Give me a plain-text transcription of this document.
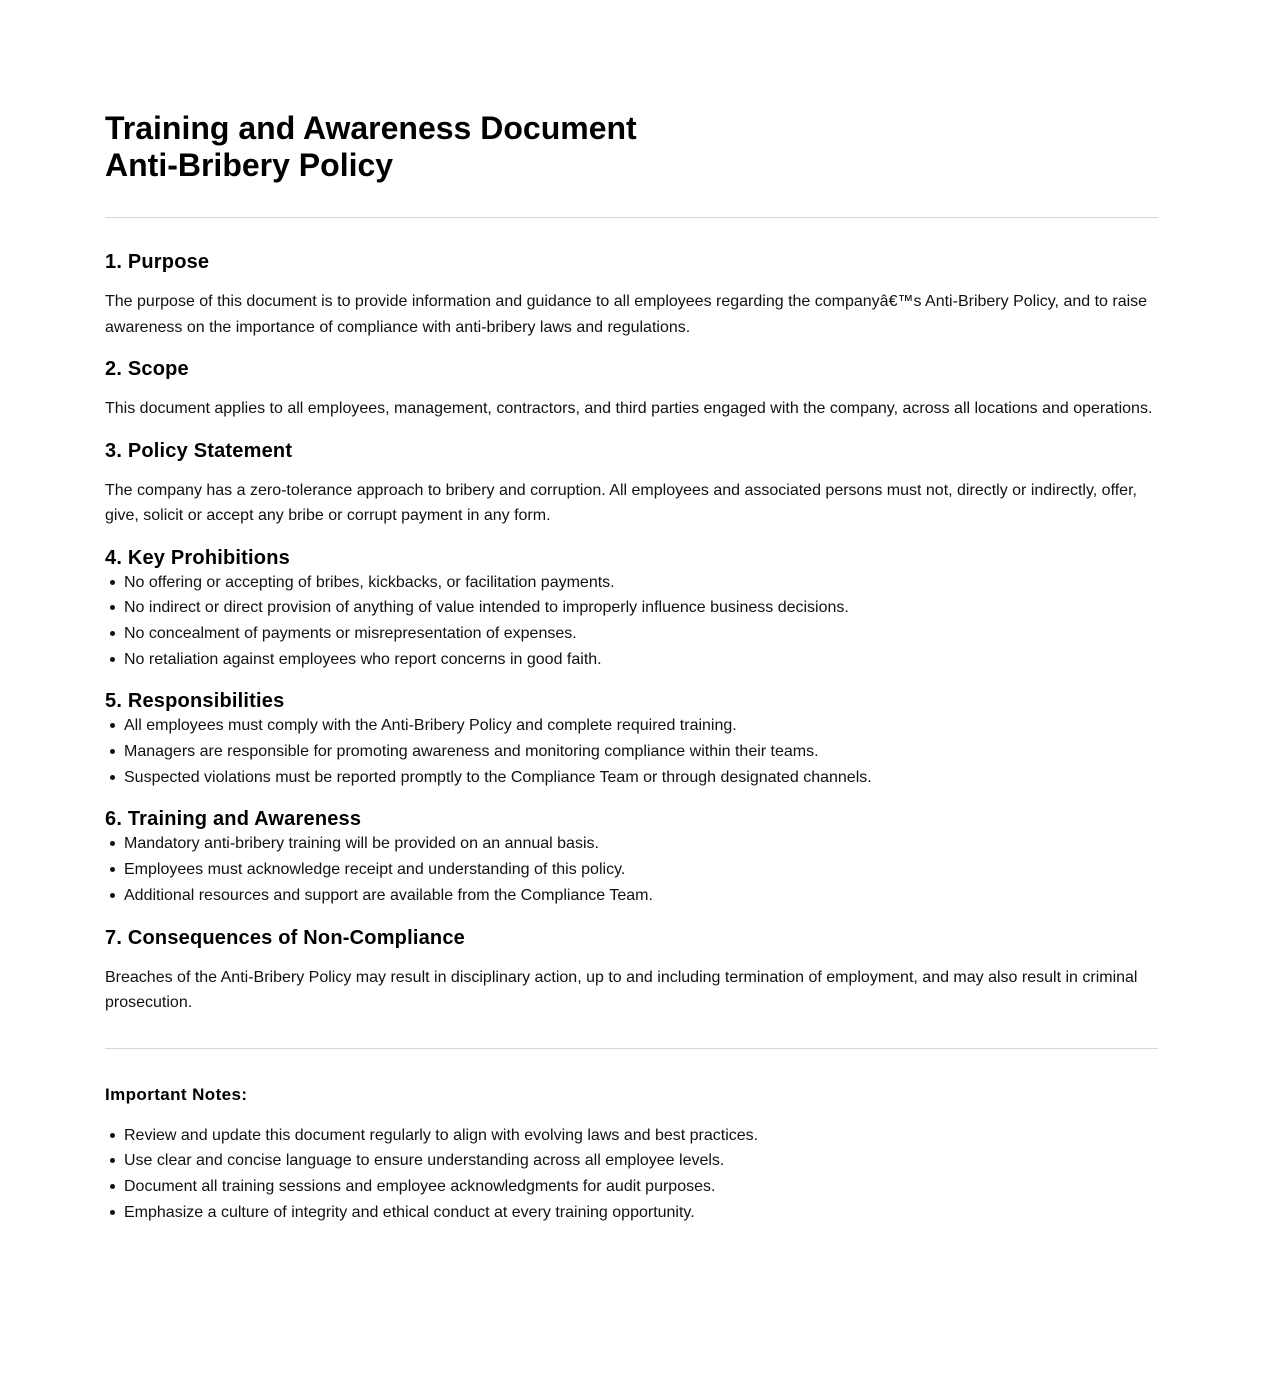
Training and Awareness Document
Anti-Bribery Policy
1. Purpose

The purpose of this document is to provide information and guidance to all employees regarding the companyâ€™s Anti-Bribery Policy, and to raise awareness on the importance of compliance with anti-bribery laws and regulations.

2. Scope

This document applies to all employees, management, contractors, and third parties engaged with the company, across all locations and operations.

3. Policy Statement

The company has a zero-tolerance approach to bribery and corruption. All employees and associated persons must not, directly or indirectly, offer, give, solicit or accept any bribe or corrupt payment in any form.

4. Key Prohibitions
No offering or accepting of bribes, kickbacks, or facilitation payments.
No indirect or direct provision of anything of value intended to improperly influence business decisions.
No concealment of payments or misrepresentation of expenses.
No retaliation against employees who report concerns in good faith.
5. Responsibilities
All employees must comply with the Anti-Bribery Policy and complete required training.
Managers are responsible for promoting awareness and monitoring compliance within their teams.
Suspected violations must be reported promptly to the Compliance Team or through designated channels.
6. Training and Awareness
Mandatory anti-bribery training will be provided on an annual basis.
Employees must acknowledge receipt and understanding of this policy.
Additional resources and support are available from the Compliance Team.
7. Consequences of Non-Compliance

Breaches of the Anti-Bribery Policy may result in disciplinary action, up to and including termination of employment, and may also result in criminal prosecution.

Important Notes:
Review and update this document regularly to align with evolving laws and best practices.
Use clear and concise language to ensure understanding across all employee levels.
Document all training sessions and employee acknowledgments for audit purposes.
Emphasize a culture of integrity and ethical conduct at every training opportunity.
